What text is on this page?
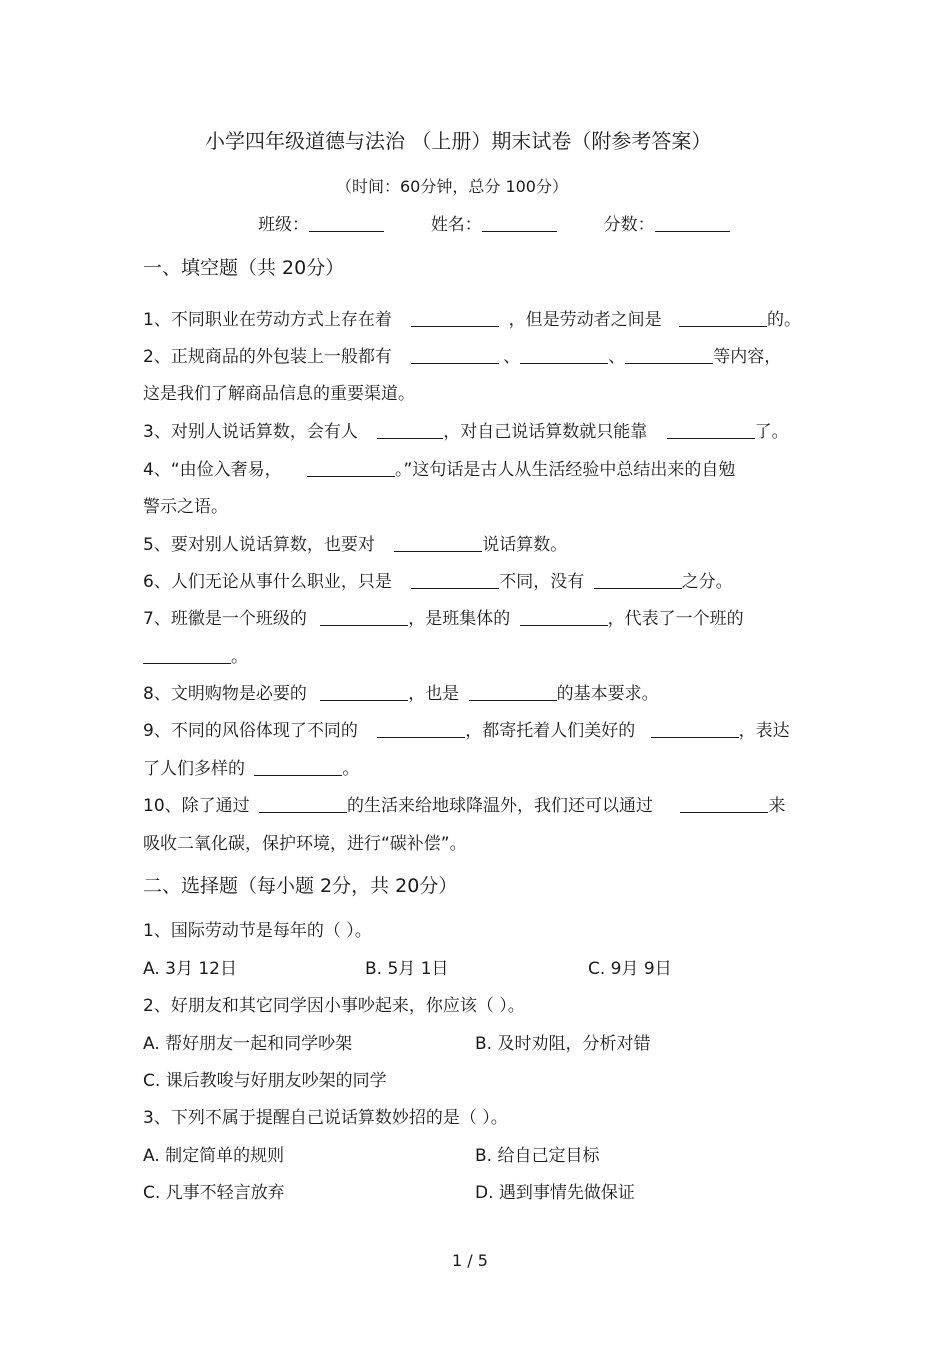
小学四年级道德与法治 （上册）期末试卷（附参考答案）
（时间：60分钟，总分 100分）
班级：	姓名：	分数：
一、填空题（共 20分）
1、不同职业在劳动方式上存在着	，但是劳动者之间是	的。
2、正规商品的外包装上一般都有	、	、	等内容，
这是我们了解商品信息的重要渠道。
3、对别人说话算数，会有人	，对自己说话算数就只能靠	了。
4、“由俭入奢易，	。”这句话是古人从生活经验中总结出来的自勉
警示之语。
5、要对别人说话算数，也要对	说话算数。
6、人们无论从事什么职业，只是	不同，没有	之分。
7、班徽是一个班级的	，是班集体的	，代表了一个班的
。
8、文明购物是必要的	，也是	的基本要求。
9、不同的风俗体现了不同的	，都寄托着人们美好的	，表达
了人们多样的	。
10、除了通过	的生活来给地球降温外，我们还可以通过	来
吸收二氧化碳，保护环境，进行“碳补偿”。
二、选择题（每小题 2分，共 20分）
1、国际劳动节是每年的（ ）。
A. 3月 12日	B. 5月 1日	C. 9月 9日
2、好朋友和其它同学因小事吵起来，你应该（ ）。
A. 帮好朋友一起和同学吵架	B. 及时劝阻，分析对错
C. 课后教唆与好朋友吵架的同学
3、下列不属于提醒自己说话算数妙招的是（ ）。
A. 制定简单的规则	B. 给自己定目标
C. 凡事不轻言放弃	D. 遇到事情先做保证
1 / 5
